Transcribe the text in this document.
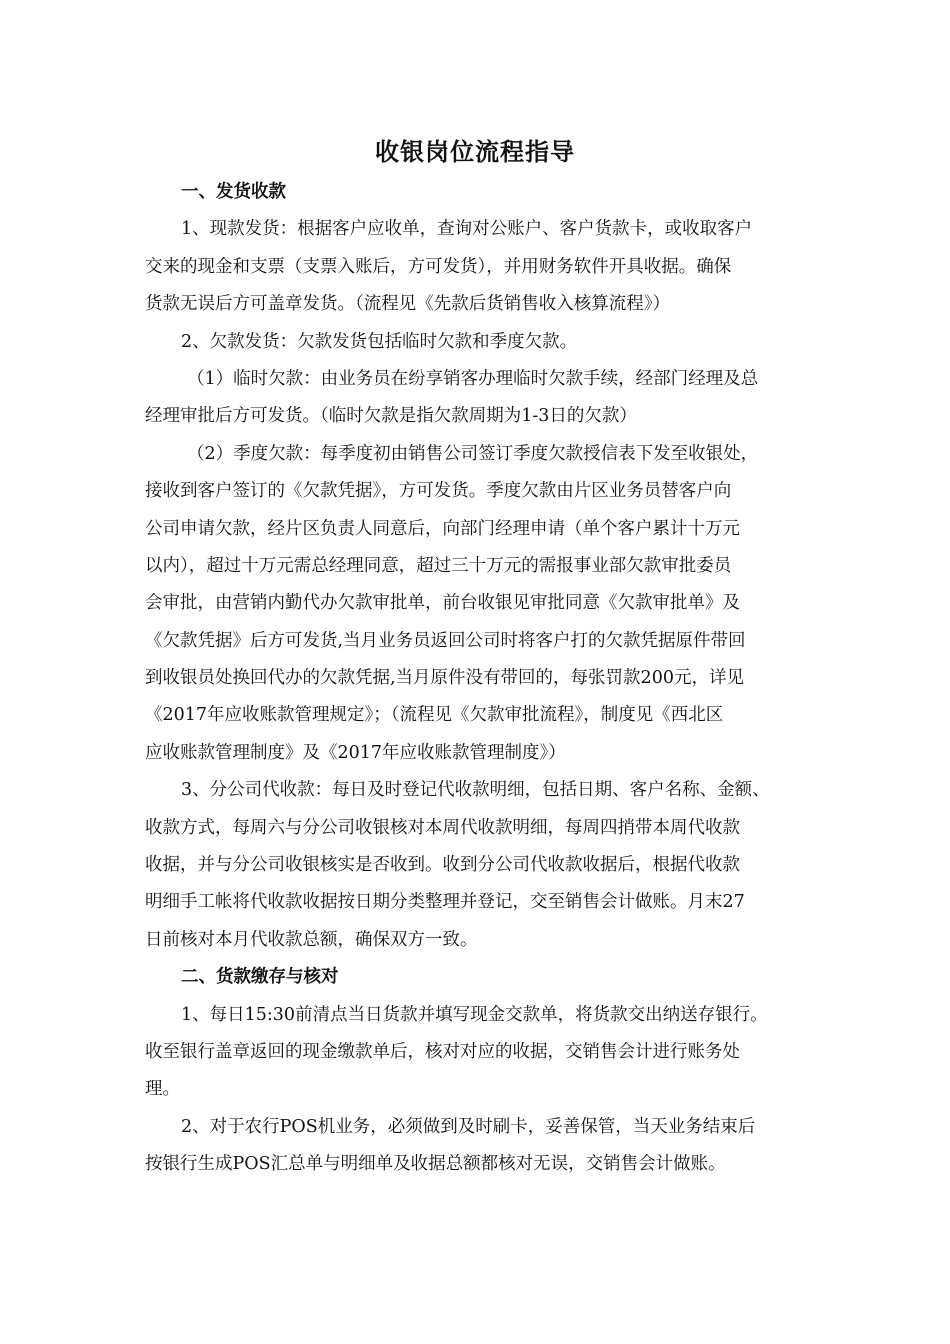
收银岗位流程指导
一、发货收款
1、现款发货：根据客户应收单，查询对公账户、客户货款卡，或收取客户
交来的现金和支票（支票入账后，方可发货），并用财务软件开具收据。确保
货款无误后方可盖章发货。（流程见《先款后货销售收入核算流程》）
2、欠款发货：欠款发货包括临时欠款和季度欠款。
（1）临时欠款：由业务员在纷享销客办理临时欠款手续，经部门经理及总
经理审批后方可发货。（临时欠款是指欠款周期为1-3日的欠款）
（2）季度欠款：每季度初由销售公司签订季度欠款授信表下发至收银处，
接收到客户签订的《欠款凭据》，方可发货。季度欠款由片区业务员替客户向
公司申请欠款，经片区负责人同意后，向部门经理申请（单个客户累计十万元
以内），超过十万元需总经理同意，超过三十万元的需报事业部欠款审批委员
会审批，由营销内勤代办欠款审批单，前台收银见审批同意《欠款审批单》及
《欠款凭据》后方可发货,当月业务员返回公司时将客户打的欠款凭据原件带回
到收银员处换回代办的欠款凭据,当月原件没有带回的，每张罚款200元，详见
《2017年应收账款管理规定》；（流程见《欠款审批流程》，制度见《西北区
应收账款管理制度》及《2017年应收账款管理制度》）
3、分公司代收款：每日及时登记代收款明细，包括日期、客户名称、金额、
收款方式，每周六与分公司收银核对本周代收款明细，每周四捎带本周代收款
收据，并与分公司收银核实是否收到。收到分公司代收款收据后，根据代收款
明细手工帐将代收款收据按日期分类整理并登记，交至销售会计做账。月末27
日前核对本月代收款总额，确保双方一致。
二、货款缴存与核对
1、每日15:30前清点当日货款并填写现金交款单，将货款交出纳送存银行。
收至银行盖章返回的现金缴款单后，核对对应的收据，交销售会计进行账务处
理。
2、对于农行POS机业务，必须做到及时刷卡，妥善保管，当天业务结束后
按银行生成POS汇总单与明细单及收据总额都核对无误，交销售会计做账。
